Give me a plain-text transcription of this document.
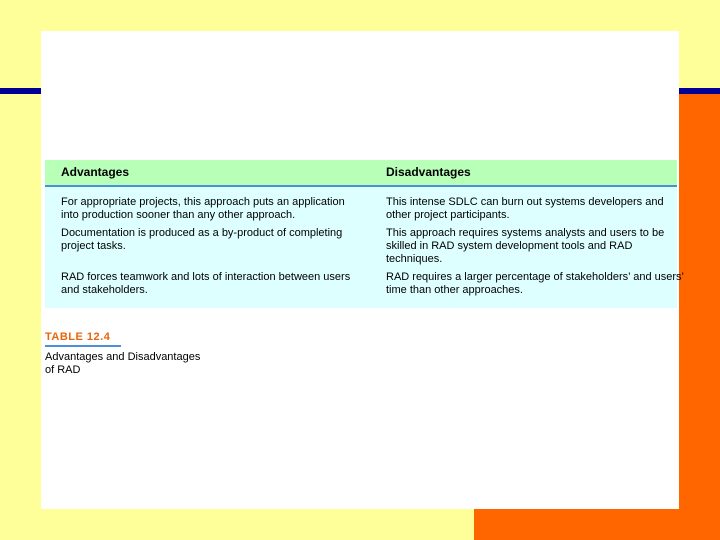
Advantages	Disadvantages
For appropriate projects, this approach puts an application into production sooner than any other approach.
This intense SDLC can burn out systems developers and other project participants.
Documentation is produced as a by-product of completing project tasks.
This approach requires systems analysts and users to be skilled in RAD system development tools and RAD techniques.
RAD forces teamwork and lots of interaction between users and stakeholders.
RAD requires a larger percentage of stakeholders’ and users’ time than other approaches.
TABLE 12.4
Advantages and Disadvantages of RAD
